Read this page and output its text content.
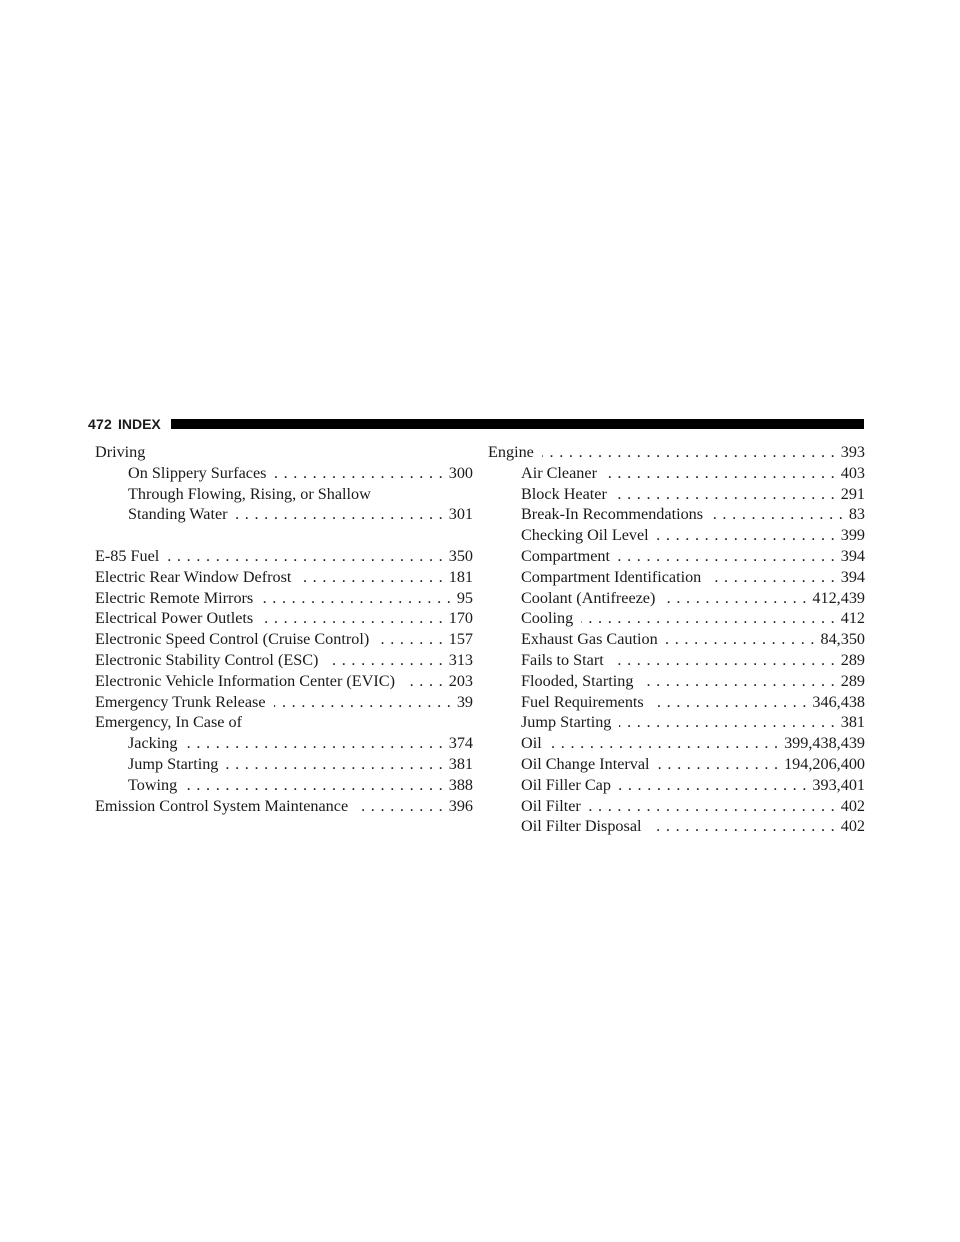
472 INDEX
Driving
On Slippery Surfaces . . .	300
Through Flowing, Rising, or Shallow
Standing Water . . .	301
E-85 Fuel . . .	350
Electric Rear Window Defrost . . .	181
Electric Remote Mirrors . . .	95
Electrical Power Outlets . . .	170
Electronic Speed Control (Cruise Control) . . .	157
Electronic Stability Control (ESC) . . .	313
Electronic Vehicle Information Center (EVIC) . . .	203
Emergency Trunk Release . . .	39
Emergency, In Case of
Jacking . . .	374
Jump Starting . . .	381
Towing . . .	388
Emission Control System Maintenance . . .	396
Engine . . .	393
Air Cleaner . . .	403
Block Heater . . .	291
Break-In Recommendations . . .	83
Checking Oil Level . . .	399
Compartment . . .	394
Compartment Identification . . .	394
Coolant (Antifreeze) . . .	412,439
Cooling . . .	412
Exhaust Gas Caution . . .	84,350
Fails to Start . . .	289
Flooded, Starting . . .	289
Fuel Requirements . . .	346,438
Jump Starting . . .	381
Oil . . .	399,438,439
Oil Change Interval . . .	194,206,400
Oil Filler Cap . . .	393,401
Oil Filter . . .	402
Oil Filter Disposal . . .	402
